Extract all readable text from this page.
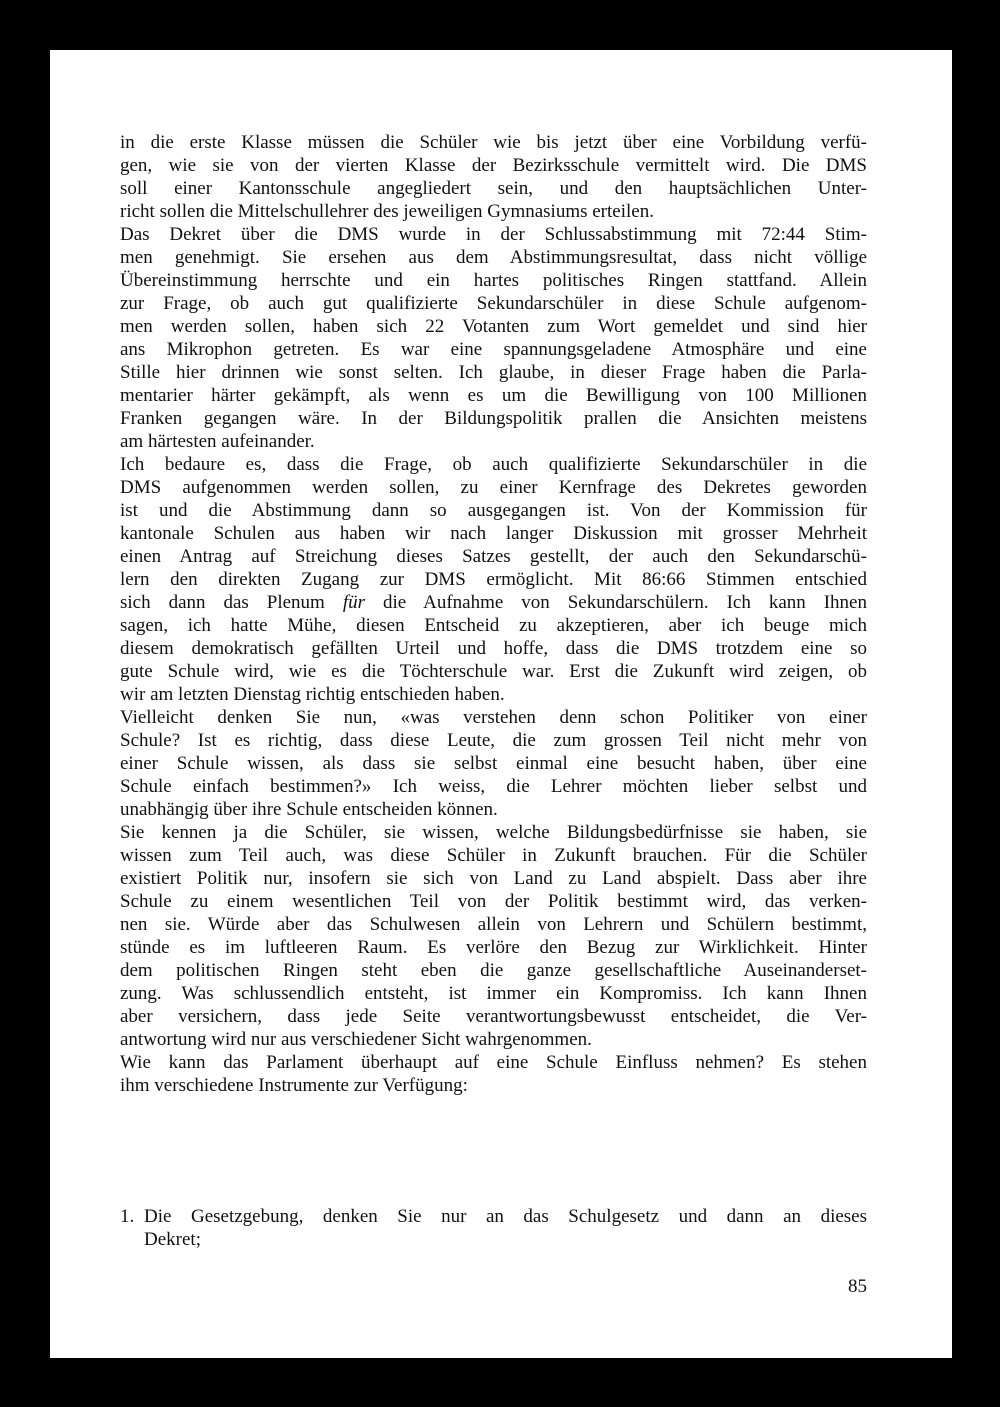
in die erste Klasse müssen die Schüler wie bis jetzt über eine Vorbildung verfü-
gen, wie sie von der vierten Klasse der Bezirksschule vermittelt wird. Die DMS
soll einer Kantonsschule angegliedert sein, und den hauptsächlichen Unter-
richt sollen die Mittelschullehrer des jeweiligen Gymnasiums erteilen.
Das Dekret über die DMS wurde in der Schlussabstimmung mit 72:44 Stim-
men genehmigt. Sie ersehen aus dem Abstimmungsresultat, dass nicht völlige
Übereinstimmung herrschte und ein hartes politisches Ringen stattfand. Allein
zur Frage, ob auch gut qualifizierte Sekundarschüler in diese Schule aufgenom-
men werden sollen, haben sich 22 Votanten zum Wort gemeldet und sind hier
ans Mikrophon getreten. Es war eine spannungsgeladene Atmosphäre und eine
Stille hier drinnen wie sonst selten. Ich glaube, in dieser Frage haben die Parla-
mentarier härter gekämpft, als wenn es um die Bewilligung von 100 Millionen
Franken gegangen wäre. In der Bildungspolitik prallen die Ansichten meistens
am härtesten aufeinander.
Ich bedaure es, dass die Frage, ob auch qualifizierte Sekundarschüler in die
DMS aufgenommen werden sollen, zu einer Kernfrage des Dekretes geworden
ist und die Abstimmung dann so ausgegangen ist. Von der Kommission für
kantonale Schulen aus haben wir nach langer Diskussion mit grosser Mehrheit
einen Antrag auf Streichung dieses Satzes gestellt, der auch den Sekundarschü-
lern den direkten Zugang zur DMS ermöglicht. Mit 86:66 Stimmen entschied
sich dann das Plenum für die Aufnahme von Sekundarschülern. Ich kann Ihnen
sagen, ich hatte Mühe, diesen Entscheid zu akzeptieren, aber ich beuge mich
diesem demokratisch gefällten Urteil und hoffe, dass die DMS trotzdem eine so
gute Schule wird, wie es die Töchterschule war. Erst die Zukunft wird zeigen, ob
wir am letzten Dienstag richtig entschieden haben.
Vielleicht denken Sie nun, «was verstehen denn schon Politiker von einer
Schule? Ist es richtig, dass diese Leute, die zum grossen Teil nicht mehr von
einer Schule wissen, als dass sie selbst einmal eine besucht haben, über eine
Schule einfach bestimmen?» Ich weiss, die Lehrer möchten lieber selbst und
unabhängig über ihre Schule entscheiden können.
Sie kennen ja die Schüler, sie wissen, welche Bildungsbedürfnisse sie haben, sie
wissen zum Teil auch, was diese Schüler in Zukunft brauchen. Für die Schüler
existiert Politik nur, insofern sie sich von Land zu Land abspielt. Dass aber ihre
Schule zu einem wesentlichen Teil von der Politik bestimmt wird, das verken-
nen sie. Würde aber das Schulwesen allein von Lehrern und Schülern bestimmt,
stünde es im luftleeren Raum. Es verlöre den Bezug zur Wirklichkeit. Hinter
dem politischen Ringen steht eben die ganze gesellschaftliche Auseinanderset-
zung. Was schlussendlich entsteht, ist immer ein Kompromiss. Ich kann Ihnen
aber versichern, dass jede Seite verantwortungsbewusst entscheidet, die Ver-
antwortung wird nur aus verschiedener Sicht wahrgenommen.
Wie kann das Parlament überhaupt auf eine Schule Einfluss nehmen? Es stehen
ihm verschiedene Instrumente zur Verfügung:
1. Die Gesetzgebung, denken Sie nur an das Schulgesetz und dann an dieses
Dekret;
85
